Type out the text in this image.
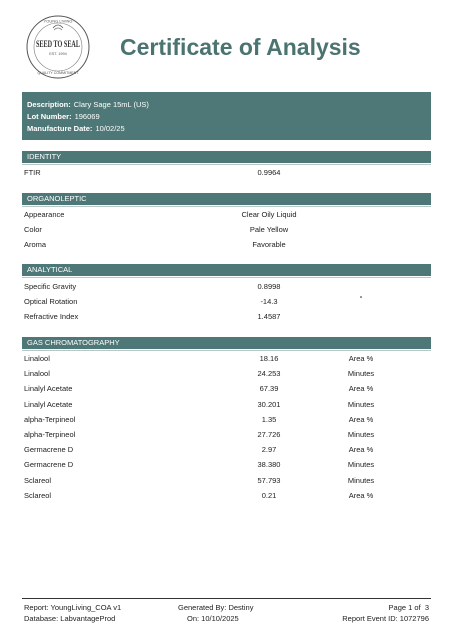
YOUNG LIVING
SEED TO SEAL
EST. 1994
QUALITY COMMITMENT
Certificate of Analysis
Description: Clary Sage 15mL (US)
Lot Number: 196069
Manufacture Date: 10/02/25
IDENTITY
FTIR	0.9964
ORGANOLEPTIC
Appearance	Clear Oily Liquid
Color	Pale Yellow
Aroma	Favorable
ANALYTICAL
Specific Gravity	0.8998
Optical Rotation	-14.3	°
Refractive Index	1.4587
GAS CHROMATOGRAPHY
Linalool	18.16	Area %
Linalool	24.253	Minutes
Linalyl Acetate	67.39	Area %
Linalyl Acetate	30.201	Minutes
alpha-Terpineol	1.35	Area %
alpha-Terpineol	27.726	Minutes
Germacrene D	2.97	Area %
Germacrene D	38.380	Minutes
Sclareol	57.793	Minutes
Sclareol	0.21	Area %
Report: YoungLiving_COA v1
Database: LabvantageProd
Generated By: Destiny
On: 10/10/2025
Page 1 of  3
Report Event ID: 1072796
